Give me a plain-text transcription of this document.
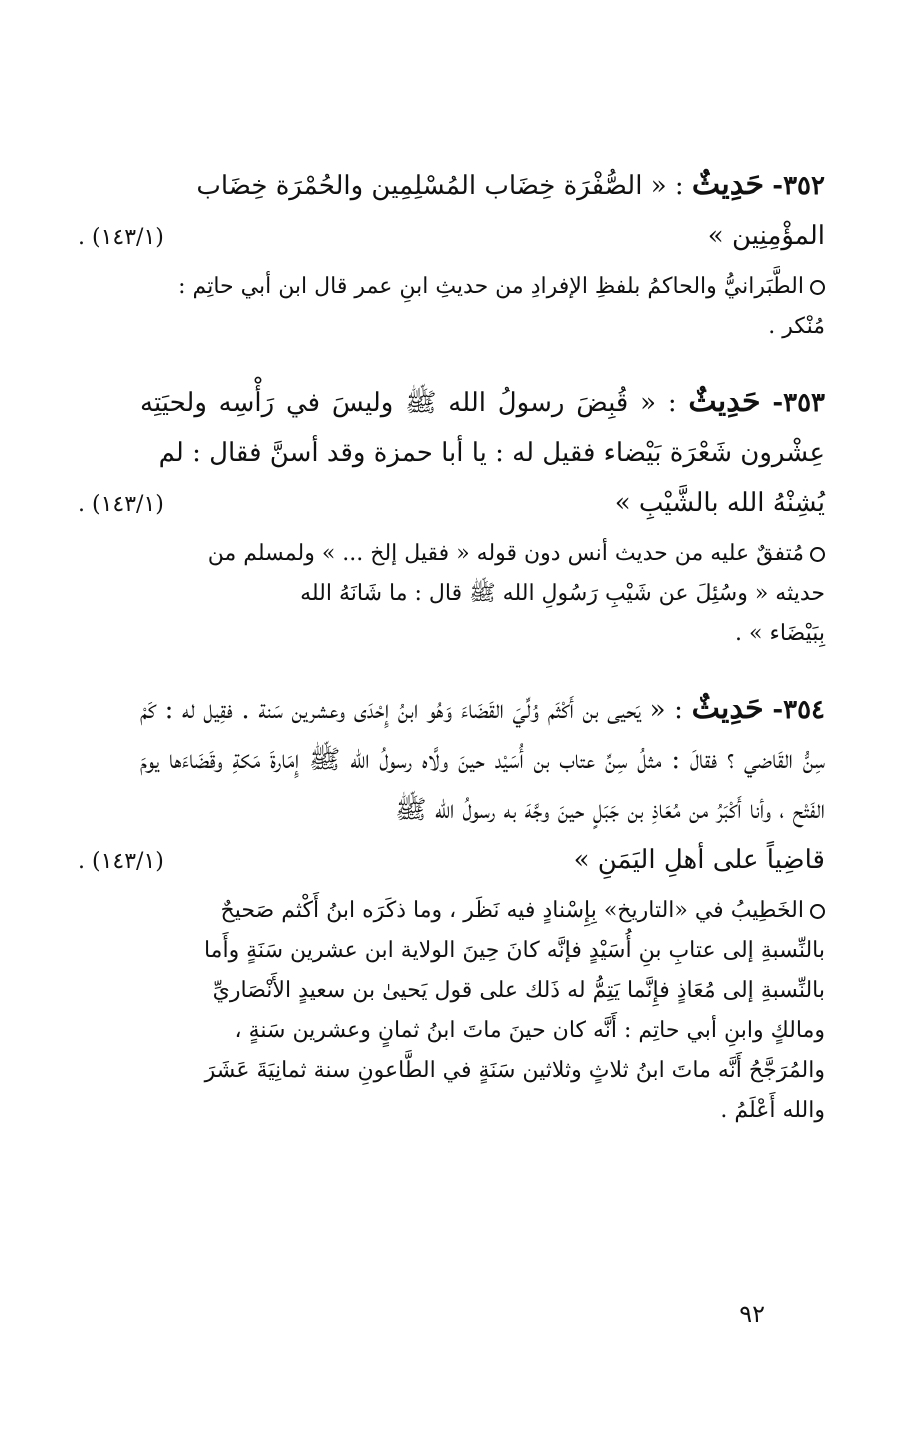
٣٥٢- حَدِيثٌ : « الصُّفْرَة خِضَاب المُسْلِمِين والحُمْرَة خِضَاب
المؤْمِنِين »
(١٤٣/١) .
الطَّبَرانيُّ والحاكمُ بلفظِ الإفرادِ من حديثِ ابنِ عمر قال ابن أبي حاتِم :
مُنْكر .
٣٥٣- حَدِيثٌ : « قُبِضَ رسولُ الله ﷺ وليسَ في رَأْسِه ولحيَتِه عِشْرون شَعْرَة بَيْضاء فقيل له : يا أبا حمزة وقد أسنَّ فقال : لم
يُشِنْهُ الله بالشَّيْبِ »
(١٤٣/١) .
مُتفقٌ عليه من حديث أنس دون قوله « فقيل إلخ ... » ولمسلم من
حديثه « وسُئِلَ عن شَيْبِ رَسُولِ الله ﷺ قال : ما شَانَهُ الله
بِبَيْضَاء » .
٣٥٤- حَدِيثٌ : « يَحيى بن أَكْثَم وُلِّيَ القَضَاءَ وَهُو ابنُ إِحْدَى وعشرين سَنة . فقِيل له : كَمْ سِنُّ القَاضي ؟ فقالَ : مثلُ سِنِّ عتاب بن أُسَيْد حينَ ولَّاه رسولُ الله ﷺ إِمَارةَ مَكةِ وقَضَاءَها يومَ الفَتْح ، وأنا أَكْبَرُ من مُعَاذِ بن جَبَلٍ حينَ وجَّهَ به رسولُ الله ﷺ
قاضِياً على أهلِ اليَمَنِ »
(١٤٣/١) .
الخَطِيبُ في «التاريخ» بِإِسْنادٍ فيه نَظَر ، وما ذكَرَه ابنُ أَكْثم صَحيحٌ
بالنِّسبةِ إلى عتابِ بنِ أُسَيْدٍ فإنَّه كانَ حِينَ الولاية ابن عشرين سَنَةٍ وأَما
بالنِّسبةِ إلى مُعَاذٍ فإِنَّما يَتِمُّ له ذَلك على قول يَحيىٰ بن سعيدٍ الأَنْصَاريِّ
ومالكٍ وابنِ أبي حاتِم : أَنَّه كان حينَ ماتَ ابنُ ثمانٍ وعشرين سَنةٍ ،
والمُرَجَّحُ أَنَّه ماتَ ابنُ ثلاثٍ وثلاثين سَنَةٍ في الطَّاعونِ سنة ثمانِيَةَ عَشَرَ
والله أَعْلَمُ .
٩٢
